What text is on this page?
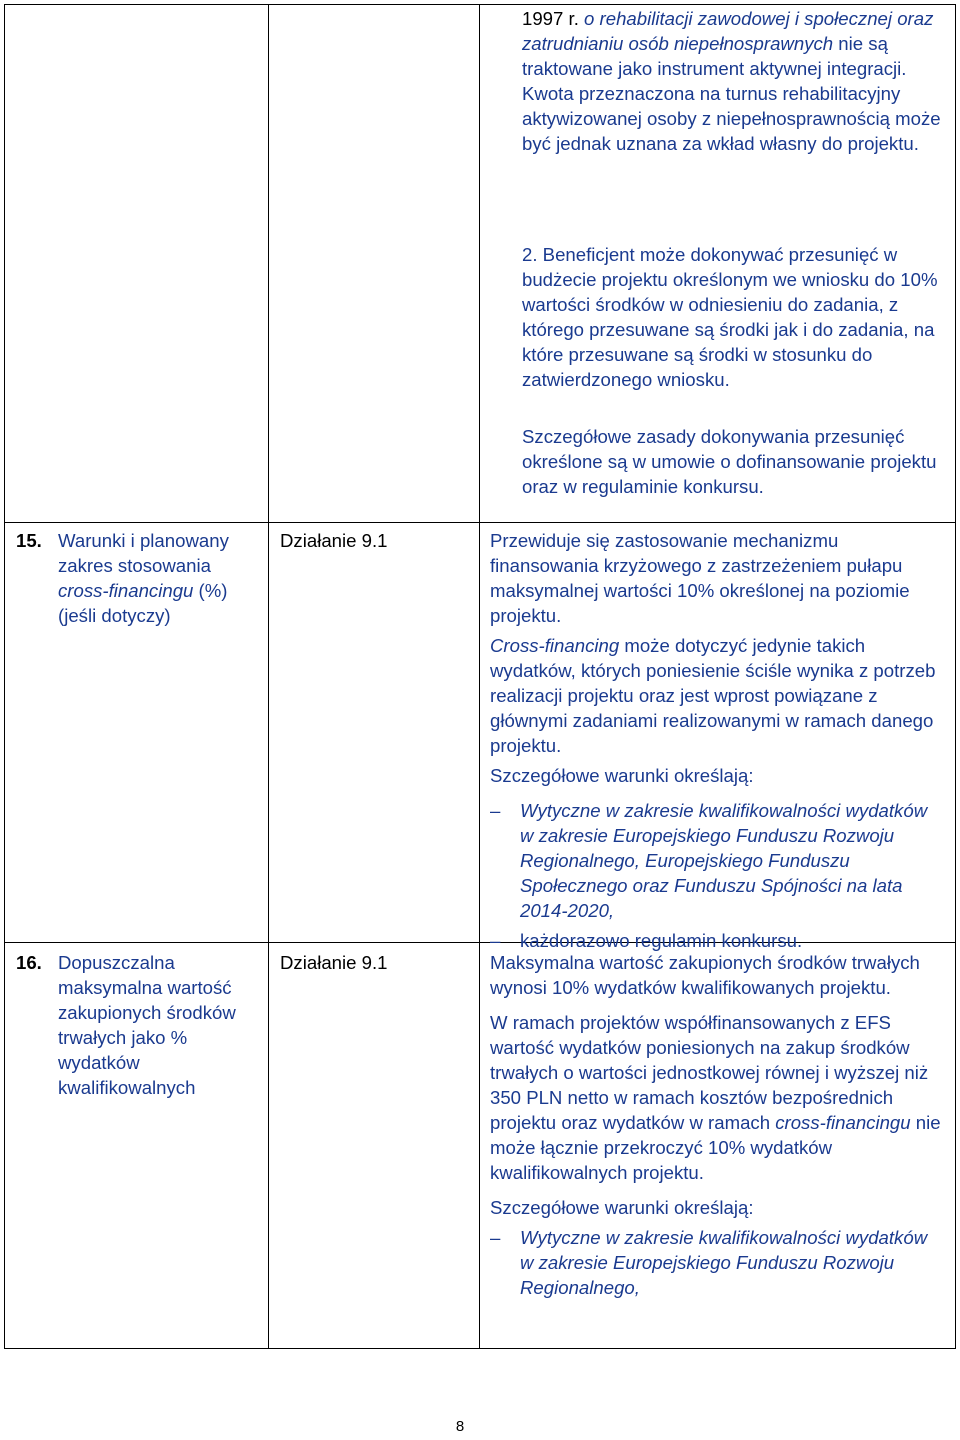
1997 r. o rehabilitacji zawodowej i społecznej oraz zatrudnianiu osób niepełnosprawnych nie są traktowane jako instrument aktywnej integracji. Kwota przeznaczona na turnus rehabilitacyjny aktywizowanej osoby z niepełnosprawnością może być jednak uznana za wkład własny do projektu.

2. Beneficjent może dokonywać przesunięć w budżecie projektu określonym we wniosku do 10% wartości środków w odniesieniu do zadania, z którego przesuwane są środki jak i do zadania, na które przesuwane są środki w stosunku do zatwierdzonego wniosku.

Szczegółowe zasady dokonywania przesunięć określone są w umowie o dofinansowanie projektu oraz w regulaminie konkursu.

15. Warunki i planowany zakres stosowania cross-financingu (%) (jeśli dotyczy)
Działanie 9.1	Przewiduje się zastosowanie mechanizmu finansowania krzyżowego z zastrzeżeniem pułapu maksymalnej wartości 10% określonej na poziomie projektu.

Cross-financing może dotyczyć jedynie takich wydatków, których poniesienie ściśle wynika z potrzeb realizacji projektu oraz jest wprost powiązane z głównymi zadaniami realizowanymi w ramach danego projektu.

Szczegółowe warunki określają:

– Wytyczne w zakresie kwalifikowalności wydatków w zakresie Europejskiego Funduszu Rozwoju Regionalnego, Europejskiego Funduszu Społecznego oraz Funduszu Spójności na lata 2014-2020,
– każdorazowo regulamin konkursu.
16. Dopuszczalna maksymalna wartość zakupionych środków trwałych jako % wydatków kwalifikowalnych
Działanie 9.1	Maksymalna wartość zakupionych środków trwałych wynosi 10% wydatków kwalifikowanych projektu.

W ramach projektów współfinansowanych z EFS wartość wydatków poniesionych na zakup środków trwałych o wartości jednostkowej równej i wyższej niż 350 PLN netto w ramach kosztów bezpośrednich projektu oraz wydatków w ramach cross-financingu nie może łącznie przekroczyć 10% wydatków kwalifikowalnych projektu.

Szczegółowe warunki określają:

– Wytyczne w zakresie kwalifikowalności wydatków w zakresie Europejskiego Funduszu Rozwoju Regionalnego,
8
